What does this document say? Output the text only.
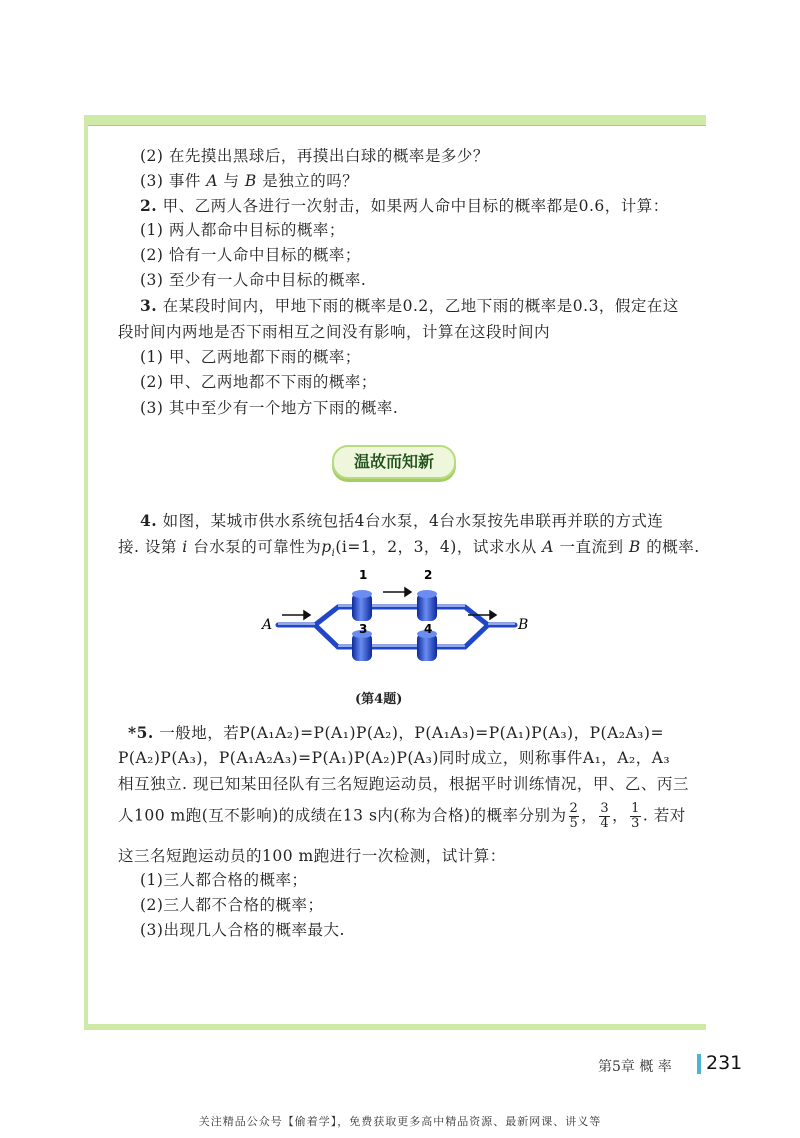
(2) 在先摸出黑球后，再摸出白球的概率是多少？
(3) 事件 A 与 B 是独立的吗？
2. 甲、乙两人各进行一次射击，如果两人命中目标的概率都是0.6，计算：
(1) 两人都命中目标的概率；
(2) 恰有一人命中目标的概率；
(3) 至少有一人命中目标的概率.
3. 在某段时间内，甲地下雨的概率是0.2，乙地下雨的概率是0.3，假定在这
段时间内两地是否下雨相互之间没有影响，计算在这段时间内
(1) 甲、乙两地都下雨的概率；
(2) 甲、乙两地都不下雨的概率；
(3) 其中至少有一个地方下雨的概率.
温故而知新
4. 如图，某城市供水系统包括4台水泵，4台水泵按先串联再并联的方式连
接. 设第 i 台水泵的可靠性为$p_i(i=1$，2，3，4)，试求水从 A 一直流到 B 的概率.
1	2
3	4
A	B
(第4题)
*5. 一般地，若P(A₁A₂)=P(A₁)P(A₂)，P(A₁A₃)=P(A₁)P(A₃)，P(A₂A₃)=
P(A₂)P(A₃)，P(A₁A₂A₃)=P(A₁)P(A₂)P(A₃)同时成立，则称事件A₁，A₂，A₃
相互独立. 现已知某田径队有三名短跑运动员，根据平时训练情况，甲、乙、丙三
人100 m跑(互不影响)的成绩在13 s内(称为合格)的概率分别为 $\frac{2}{5}$ ， $\frac{3}{4}$ ， $\frac{1}{3}$ . 若对
这三名短跑运动员的100 m跑进行一次检测，试计算：
(1)三人都合格的概率；
(2)三人都不合格的概率；
(3)出现几人合格的概率最大.
第5章 概 率 231
关注精品公众号【偷着学】，免费获取更多高中精品资源、最新网课、讲义等
